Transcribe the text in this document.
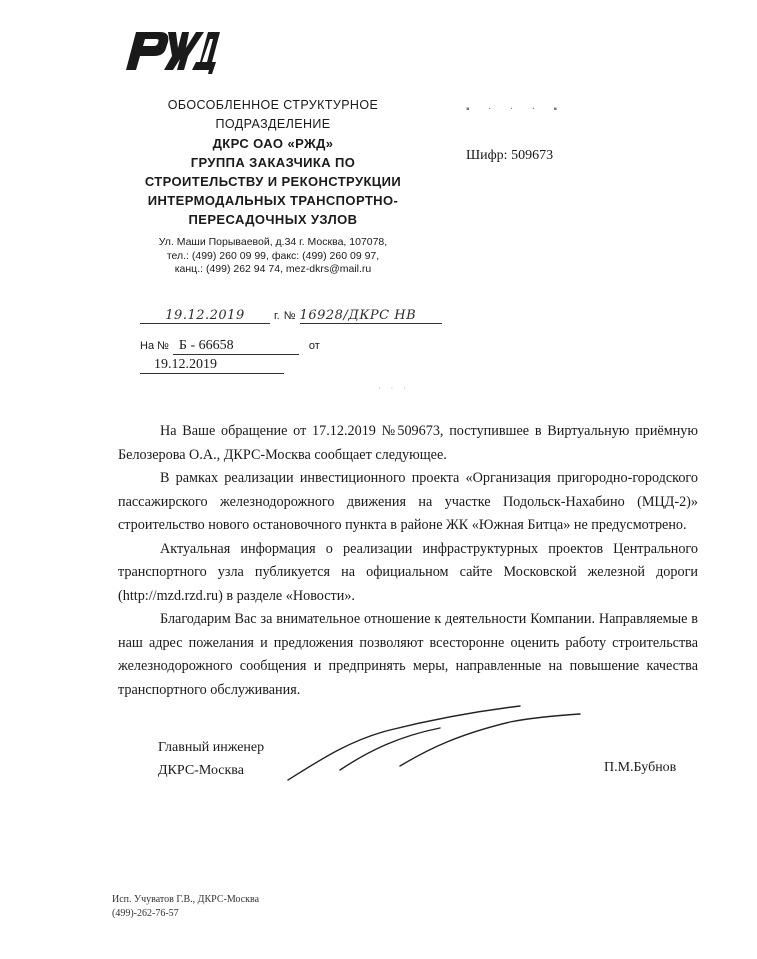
ОБОСОБЛЕННОЕ СТРУКТУРНОЕ
ПОДРАЗДЕЛЕНИЕ
ДКРС ОАО «РЖД»
ГРУППА ЗАКАЗЧИКА ПО
СТРОИТЕЛЬСТВУ И РЕКОНСТРУКЦИИ
ИНТЕРМОДАЛЬНЫХ ТРАНСПОРТНО-
ПЕРЕСАДОЧНЫХ УЗЛОВ
Ул. Маши Порываевой, д.34 г. Москва, 107078,
тел.: (499) 260 09 99, факс: (499) 260 09 97,
канц.: (499) 262 94 74, mez-dkrs@mail.ru
▪ · · · ▪
Шифр: 509673
19.12.2019	г. № 16928/ДКРС НВ
На № Б - 66658	от 19.12.2019
· · ·

На Ваше обращение от 17.12.2019 №509673, поступившее в Виртуальную приёмную Белозерова О.А., ДКРС-Москва сообщает следующее.

В рамках реализации инвестиционного проекта «Организация пригородно-городского пассажирского железнодорожного движения на участке Подольск-Нахабино (МЦД-2)» строительство нового остановочного пункта в районе ЖК «Южная Битца» не предусмотрено.

Актуальная информация о реализации инфраструктурных проектов Центрального транспортного узла публикуется на официальном сайте Московской железной дороги (http://mzd.rzd.ru) в разделе «Новости».

Благодарим Вас за внимательное отношение к деятельности Компании. Направляемые в наш адрес пожелания и предложения позволяют всесторонне оценить работу строительства железнодорожного сообщения и предпринять меры, направленные на повышение качества транспортного обслуживания.

Главный инженер
ДКРС-Москва	П.М.Бубнов
Исп. Учуватов Г.В., ДКРС-Москва
(499)-262-76-57
